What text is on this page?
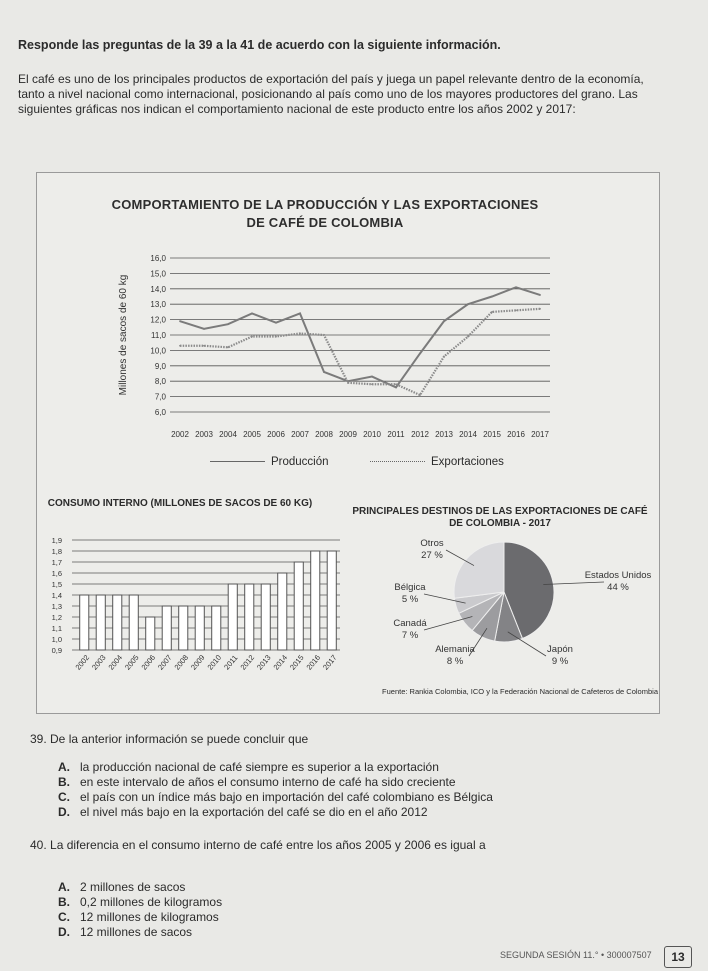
Responde las preguntas de la 39 a la 41 de acuerdo con la siguiente información.
El café es uno de los principales productos de exportación del país y juega un papel relevante dentro de la economía, tanto a nivel nacional como internacional, posicionando al país como uno de los mayores productores del grano. Las siguientes gráficas nos indican el comportamiento nacional de este producto entre los años 2002 y 2017:
COMPORTAMIENTO DE LA PRODUCCIÓN Y LAS EXPORTACIONES DE CAFÉ DE COLOMBIA
16,0
15,0
14,0
13,0
12,0
11,0
10,0
9,0
8,0
7,0
6,0
2002 2003 2004 2005 2006 2007 2008 2009 2010 2011 2012 2013 2014 2015 2016 2017
Millones de sacos de 60 kg
Producción	Exportaciones
CONSUMO INTERNO (MILLONES DE SACOS DE 60 KG)
1,9
1,8
1,7
1,6
1,5
1,4
1,3
1,2
1,1
1,0
0,9
2002
2003
2004
2005
2006
2007
2008
2009
2010 2011 2012
2013
2014
2015
2016
2017
PRINCIPALES DESTINOS DE LAS EXPORTACIONES DE CAFÉ DE COLOMBIA - 2017
Estados Unidos
44 %
Japón
9 %
Alemania
8 %
Canadá
7 %
Bélgica
5 %
Otros
27 %
Fuente: Rankia Colombia, ICO y la Federación Nacional de Cafeteros de Colombia
39. De la anterior información se puede concluir que
A. la producción nacional de café siempre es superior a la exportación
B. en este intervalo de años el consumo interno de café ha sido creciente
C. el país con un índice más bajo en importación del café colombiano es Bélgica
D. el nivel más bajo en la exportación del café se dio en el año 2012
40. La diferencia en el consumo interno de café entre los años 2005 y 2006 es igual a
A. 2 millones de sacos
B. 0,2 millones de kilogramos
C. 12 millones de kilogramos
D. 12 millones de sacos
SEGUNDA SESIÓN 11.° • 300007507	13
